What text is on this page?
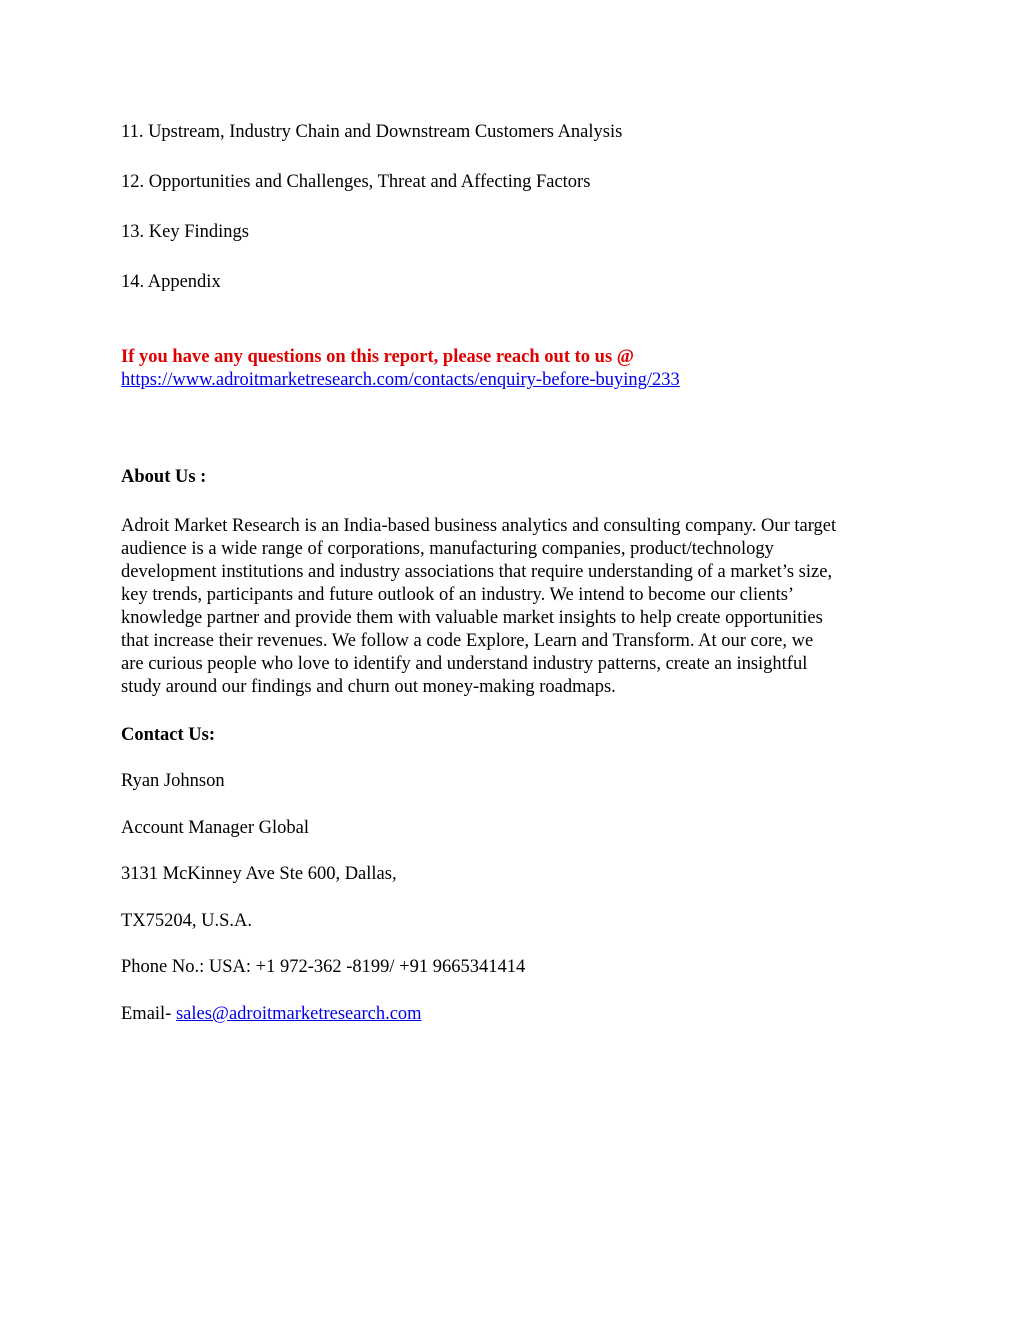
11. Upstream, Industry Chain and Downstream Customers Analysis

12. Opportunities and Challenges, Threat and Affecting Factors

13. Key Findings

14. Appendix

If you have any questions on this report, please reach out to us @

https://www.adroitmarketresearch.com/contacts/enquiry-before-buying/233

About Us :

Adroit Market Research is an India-based business analytics and consulting company. Our target
audience is a wide range of corporations, manufacturing companies, product/technology
development institutions and industry associations that require understanding of a market’s size,
key trends, participants and future outlook of an industry. We intend to become our clients’
knowledge partner and provide them with valuable market insights to help create opportunities
that increase their revenues. We follow a code Explore, Learn and Transform. At our core, we
are curious people who love to identify and understand industry patterns, create an insightful
study around our findings and churn out money-making roadmaps.

Contact Us:

Ryan Johnson

Account Manager Global

3131 McKinney Ave Ste 600, Dallas,

TX75204, U.S.A.

Phone No.: USA: +1 972-362 -8199/ +91 9665341414

Email- sales@adroitmarketresearch.com
